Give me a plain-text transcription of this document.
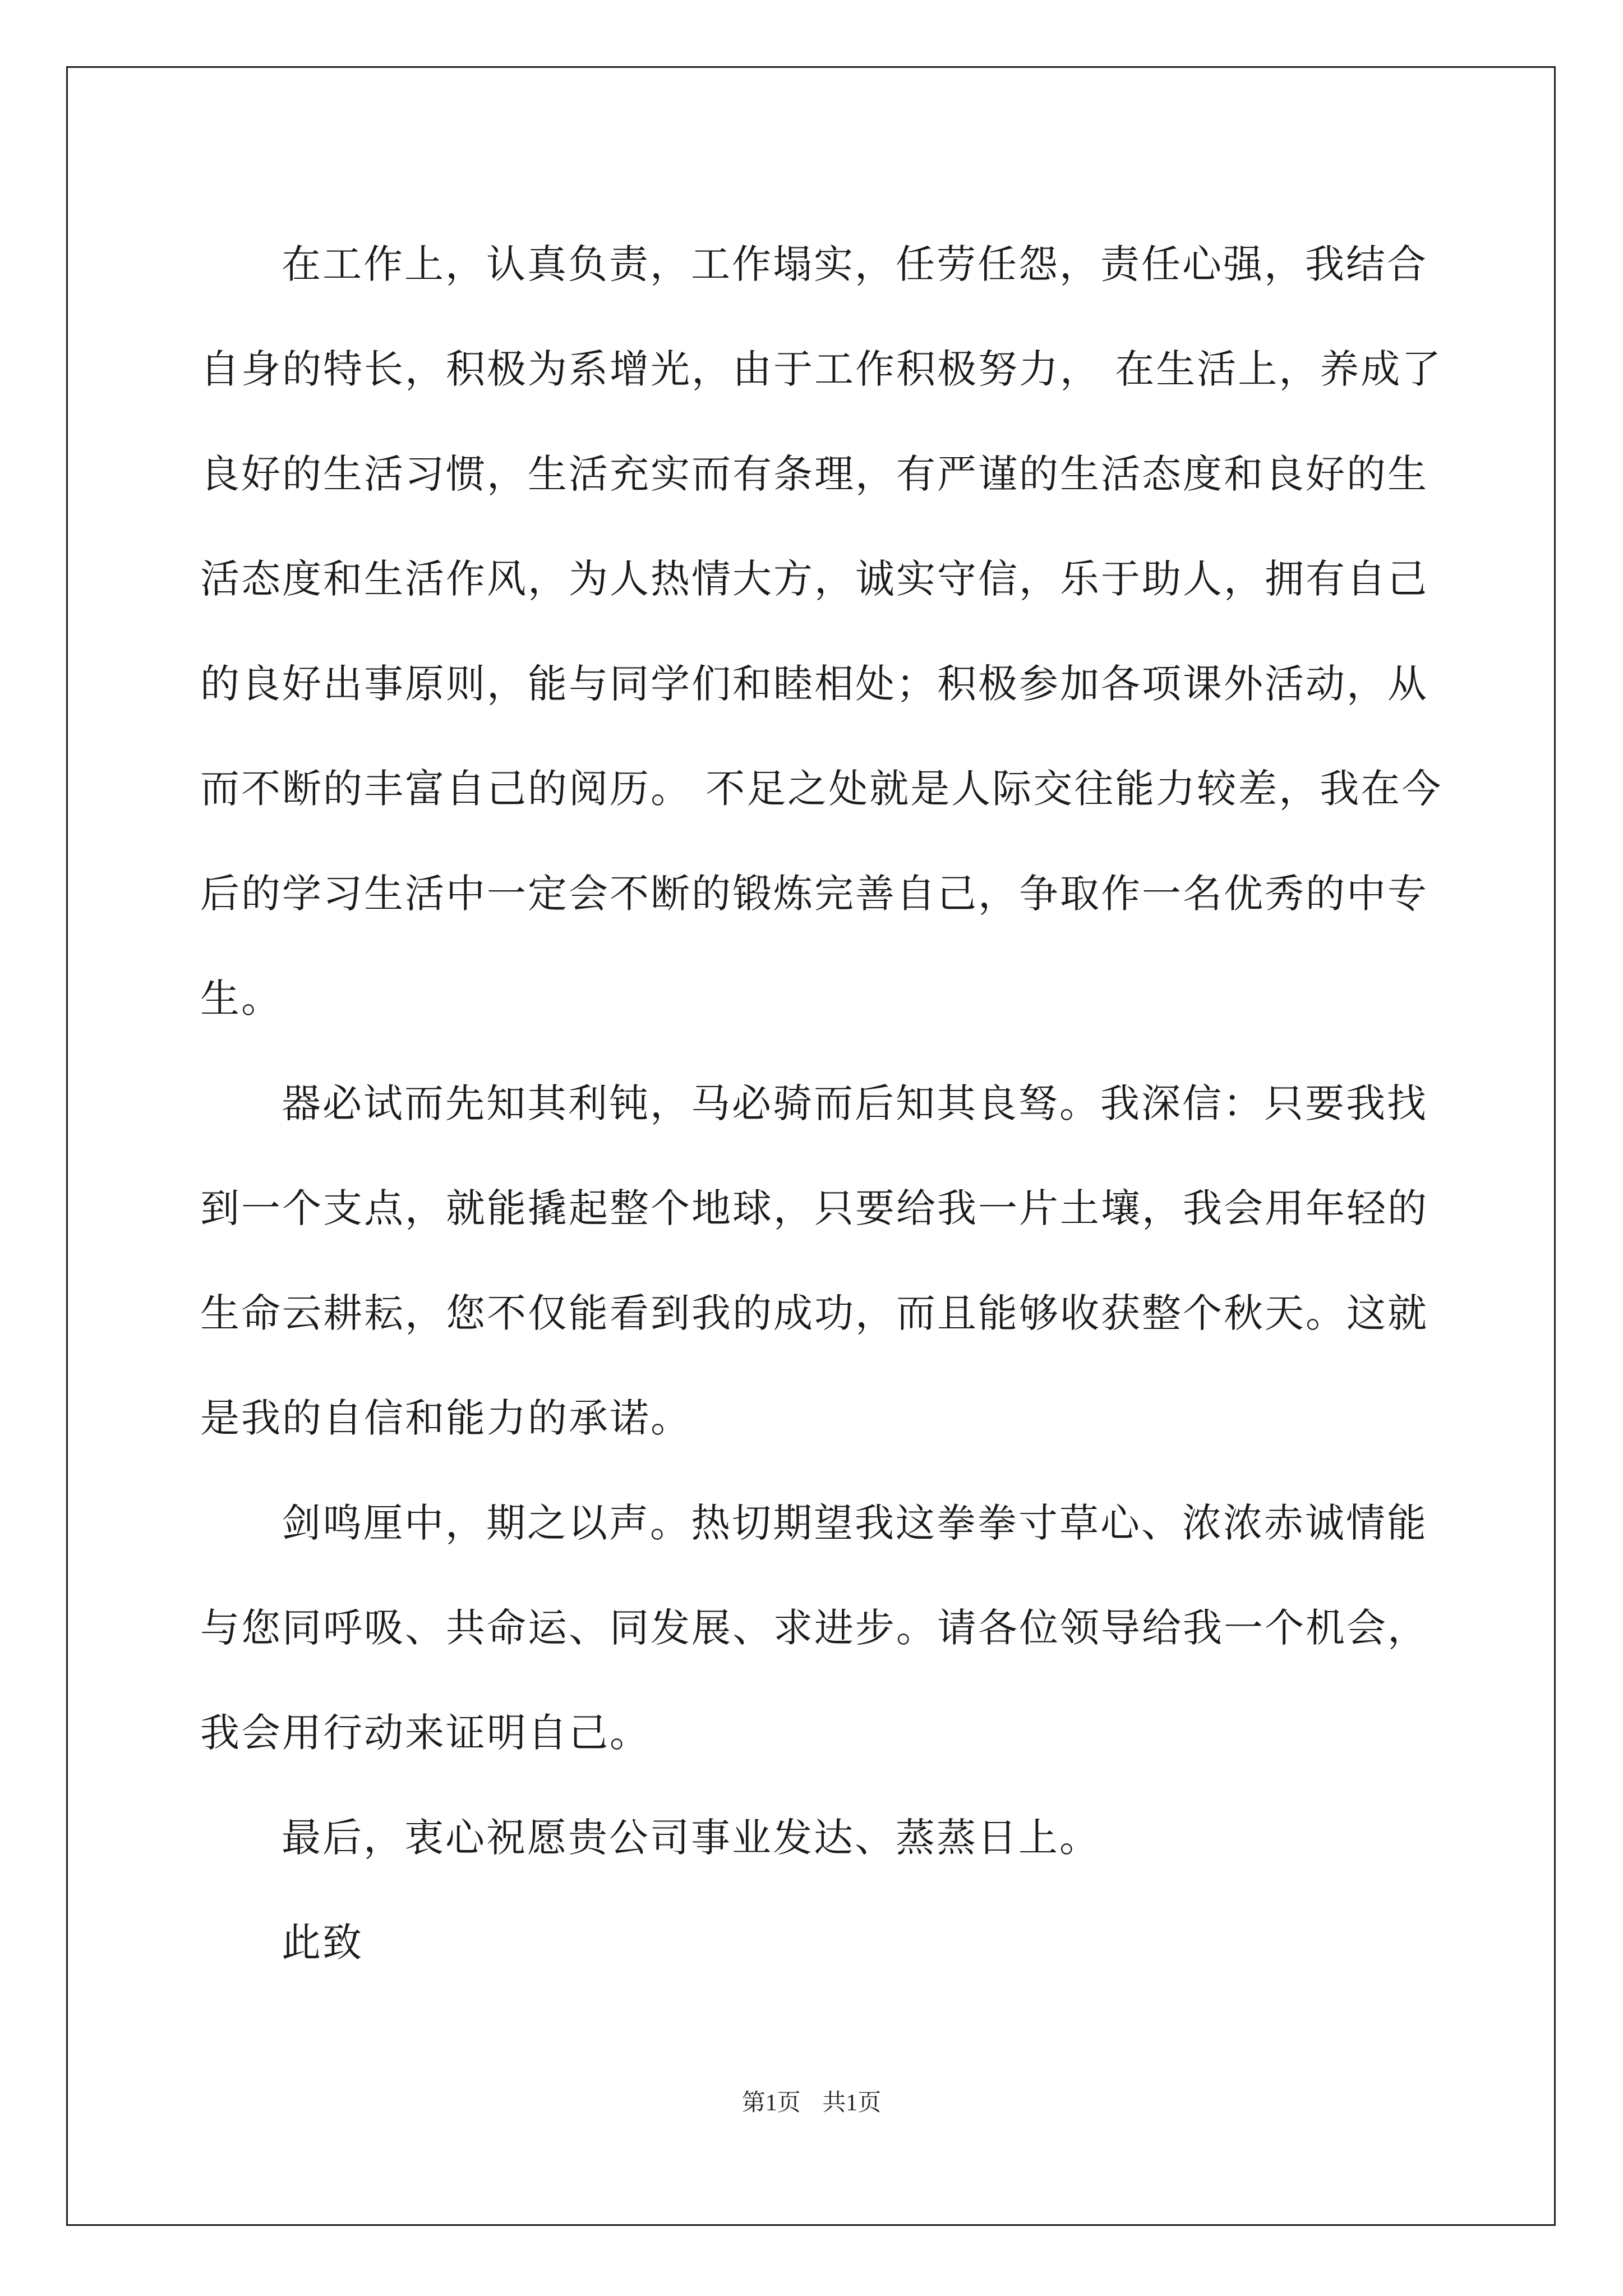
在工作上，认真负责，工作塌实，任劳任怨，责任心强，我结合
自身的特长，积极为系增光，由于工作积极努力， 在生活上，养成了
良好的生活习惯，生活充实而有条理，有严谨的生活态度和良好的生
活态度和生活作风，为人热情大方，诚实守信，乐于助人，拥有自己
的良好出事原则，能与同学们和睦相处；积极参加各项课外活动，从
而不断的丰富自己的阅历。 不足之处就是人际交往能力较差，我在今
后的学习生活中一定会不断的锻炼完善自己，争取作一名优秀的中专
生。
器必试而先知其利钝，马必骑而后知其良驽。我深信：只要我找
到一个支点，就能撬起整个地球，只要给我一片土壤，我会用年轻的
生命云耕耘，您不仅能看到我的成功，而且能够收获整个秋天。这就
是我的自信和能力的承诺。
剑鸣厘中，期之以声。热切期望我这拳拳寸草心、浓浓赤诚情能
与您同呼吸、共命运、同发展、求进步。请各位领导给我一个机会，
我会用行动来证明自己。
最后，衷心祝愿贵公司事业发达、蒸蒸日上。
此致
第1页 共1页
